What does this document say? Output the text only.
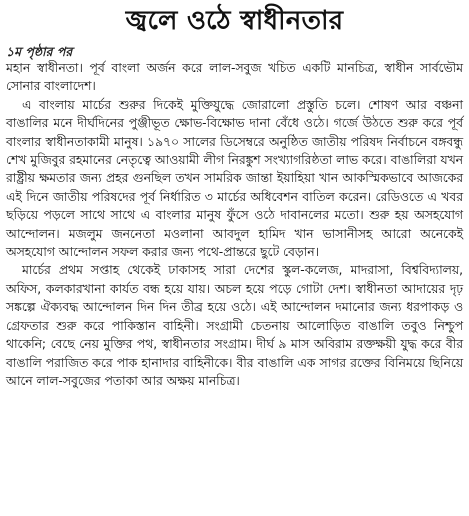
জ্বলে ওঠে স্বাধীনতার
১ম পৃষ্ঠার পর

মহান স্বাধীনতা। পূর্ব বাংলা অর্জন করে লাল-সবুজ খচিত একটি মানচিত্র, স্বাধীন সার্বভৌম সোনার বাংলাদেশ।

এ বাংলায় মার্চের শুরুর দিকেই মুক্তিযুদ্ধে জোরালো প্রস্তুতি চলে। শোষণ আর বঞ্চনা বাঙালির মনে দীর্ঘদিনের পুঞ্জীভূত ক্ষোভ-বিক্ষোভ দানা বেঁধে ওঠে। গর্জে উঠতে শুরু করে পূর্ব বাংলার স্বাধীনতাকামী মানুষ। ১৯৭০ সালের ডিসেম্বরে অনুষ্ঠিত জাতীয় পরিষদ নির্বাচনে বঙ্গবন্ধু শেখ মুজিবুর রহমানের নেতৃত্বে আওয়ামী লীগ নিরঙ্কুশ সংখ্যাগরিষ্ঠতা লাভ করে। বাঙালিরা যখন রাষ্ট্রীয় ক্ষমতার জন্য প্রহর গুনছিল তখন সামরিক জান্তা ইয়াহিয়া খান আকস্মিকভাবে আজকের এই দিনে জাতীয় পরিষদের পূর্ব নির্ধারিত ৩ মার্চের অধিবেশন বাতিল করেন। রেডিওতে এ খবর ছড়িয়ে পড়লে সাথে সাথে এ বাংলার মানুষ ফুঁসে ওঠে দাবানলের মতো। শুরু হয় অসহযোগ আন্দোলন। মজলুম জননেতা মওলানা আবদুল হামিদ খান ভাসানীসহ আরো অনেকেই অসহযোগ আন্দোলন সফল করার জন্য পথে-প্রান্তরে ছুটে বেড়ান।

মার্চের প্রথম সপ্তাহ থেকেই ঢাকাসহ সারা দেশের স্কুল-কলেজ, মাদরাসা, বিশ্ববিদ্যালয়, অফিস, কলকারখানা কার্যত বন্ধ হয়ে যায়। অচল হয়ে পড়ে গোটা দেশ। স্বাধীনতা আদায়ের দৃঢ় সঙ্কল্পে ঐক্যবদ্ধ আন্দোলন দিন দিন তীব্র হয়ে ওঠে। এই আন্দোলন দমানোর জন্য ধরপাকড় ও গ্রেফতার শুরু করে পাকিস্তান বাহিনী। সংগ্রামী চেতনায় আলোড়িত বাঙালি তবুও নিশ্চুপ থাকেনি; বেছে নেয় মুক্তির পথ, স্বাধীনতার সংগ্রাম। দীর্ঘ ৯ মাস অবিরাম রক্তক্ষয়ী যুদ্ধ করে বীর বাঙালি পরাজিত করে পাক হানাদার বাহিনীকে। বীর বাঙালি এক সাগর রক্তের বিনিময়ে ছিনিয়ে আনে লাল-সবুজের পতাকা আর অক্ষয় মানচিত্র।
